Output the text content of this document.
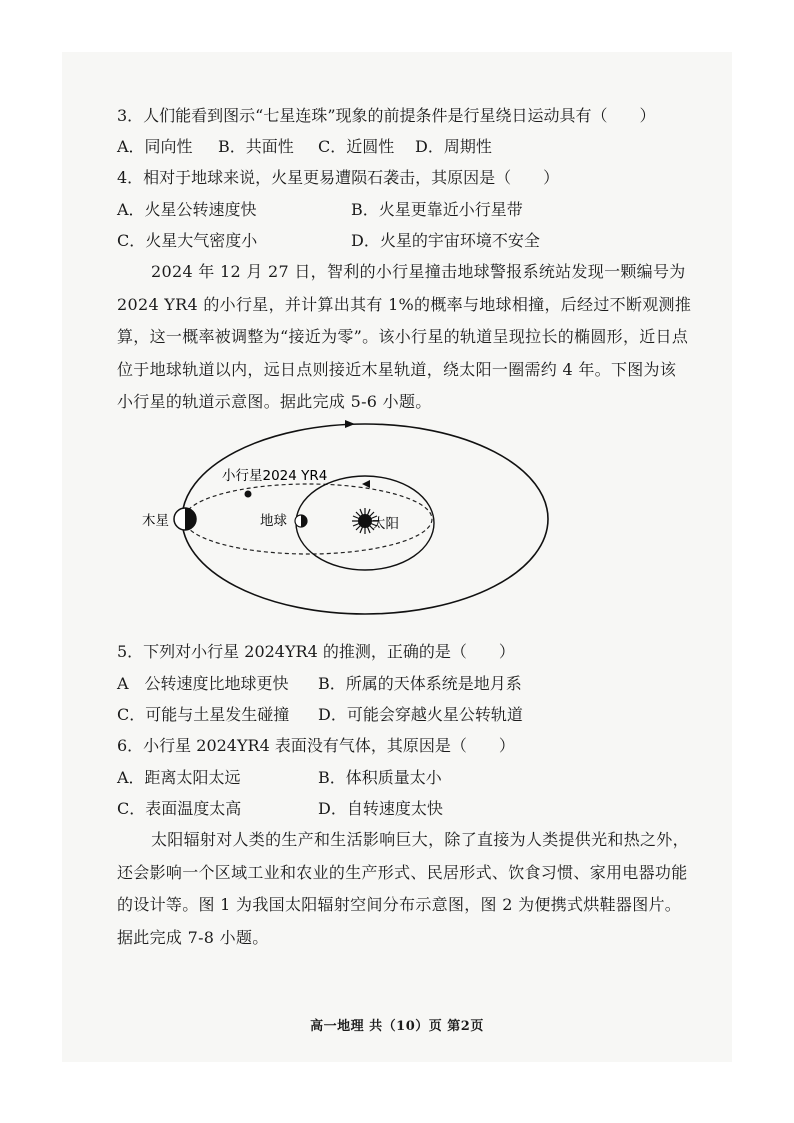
3．人们能看到图示“七星连珠”现象的前提条件是行星绕日运动具有（　　）
A．同向性 B．共面性 C．近圆性 D．周期性
4．相对于地球来说，火星更易遭陨石袭击，其原因是（　　）
A．火星公转速度快	B．火星更靠近小行星带
C．火星大气密度小	D．火星的宇宙环境不安全
2024 年 12 月 27 日，智利的小行星撞击地球警报系统站发现一颗编号为 2024 YR4 的小行星，并计算出其有 1%的概率与地球相撞，后经过不断观测推算，这一概率被调整为“接近为零”。该小行星的轨道呈现拉长的椭圆形，近日点位于地球轨道以内，远日点则接近木星轨道，绕太阳一圈需约 4 年。下图为该小行星的轨道示意图。据此完成 5-6 小题。
小行星2024 YR4
木星	地球	太阳
5．下列对小行星 2024YR4 的推测，正确的是（　　）
A　公转速度比地球更快 B．所属的天体系统是地月系
C．可能与土星发生碰撞 D．可能会穿越火星公转轨道
6．小行星 2024YR4 表面没有气体，其原因是（　　）
A．距离太阳太远	B．体积质量太小
C．表面温度太高	D．自转速度太快
太阳辐射对人类的生产和生活影响巨大，除了直接为人类提供光和热之外，还会影响一个区域工业和农业的生产形式、民居形式、饮食习惯、家用电器功能的设计等。图 1 为我国太阳辐射空间分布示意图，图 2 为便携式烘鞋器图片。据此完成 7-8 小题。
高一地理 共（10）页 第2页
